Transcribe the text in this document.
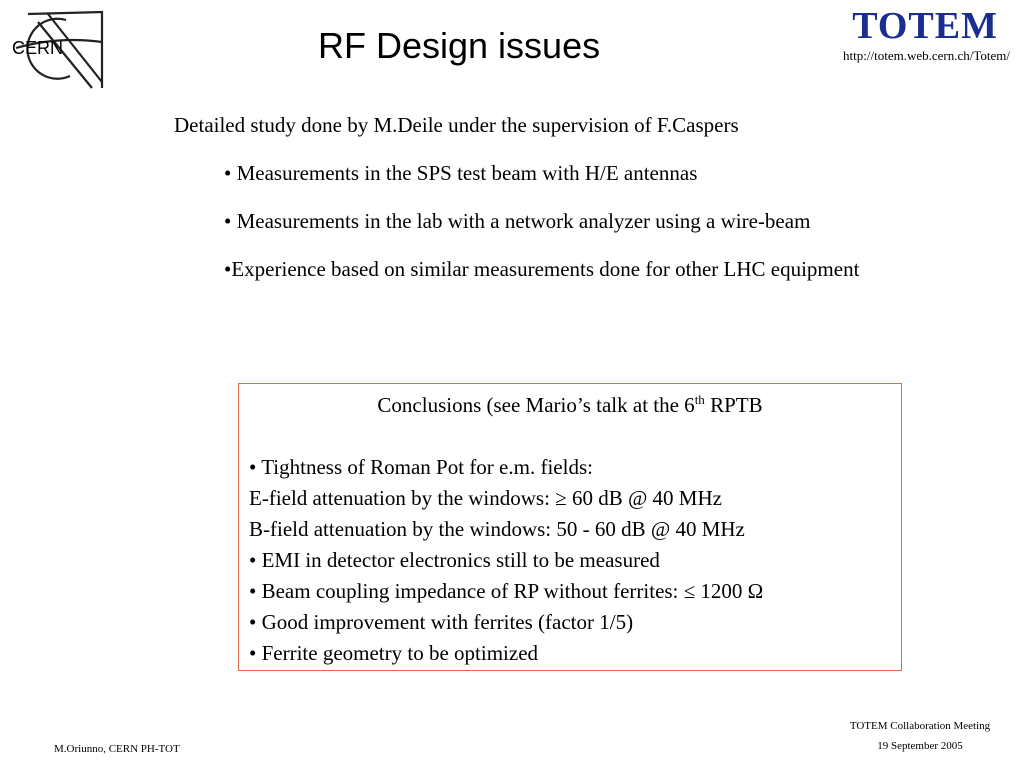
CERN	RF Design issues	TOTEM
http://totem.web.cern.ch/Totem/
Detailed study done by M.Deile under the supervision of F.Caspers
• Measurements in the SPS test beam with H/E antennas
• Measurements in the lab with a network analyzer using a wire-beam
•Experience based on similar measurements done for other LHC equipment
Conclusions (see Mario’s talk at the 6th RPTB
• Tightness of Roman Pot for e.m. fields:
E-field attenuation by the windows: ≥ 60 dB @ 40 MHz
B-field attenuation by the windows: 50 - 60 dB @ 40 MHz
• EMI in detector electronics still to be measured
• Beam coupling impedance of RP without ferrites: ≤ 1200 Ω
• Good improvement with ferrites (factor 1/5)
• Ferrite geometry to be optimized
M.Oriunno, CERN PH-TOT
TOTEM Collaboration Meeting
19 September 2005
